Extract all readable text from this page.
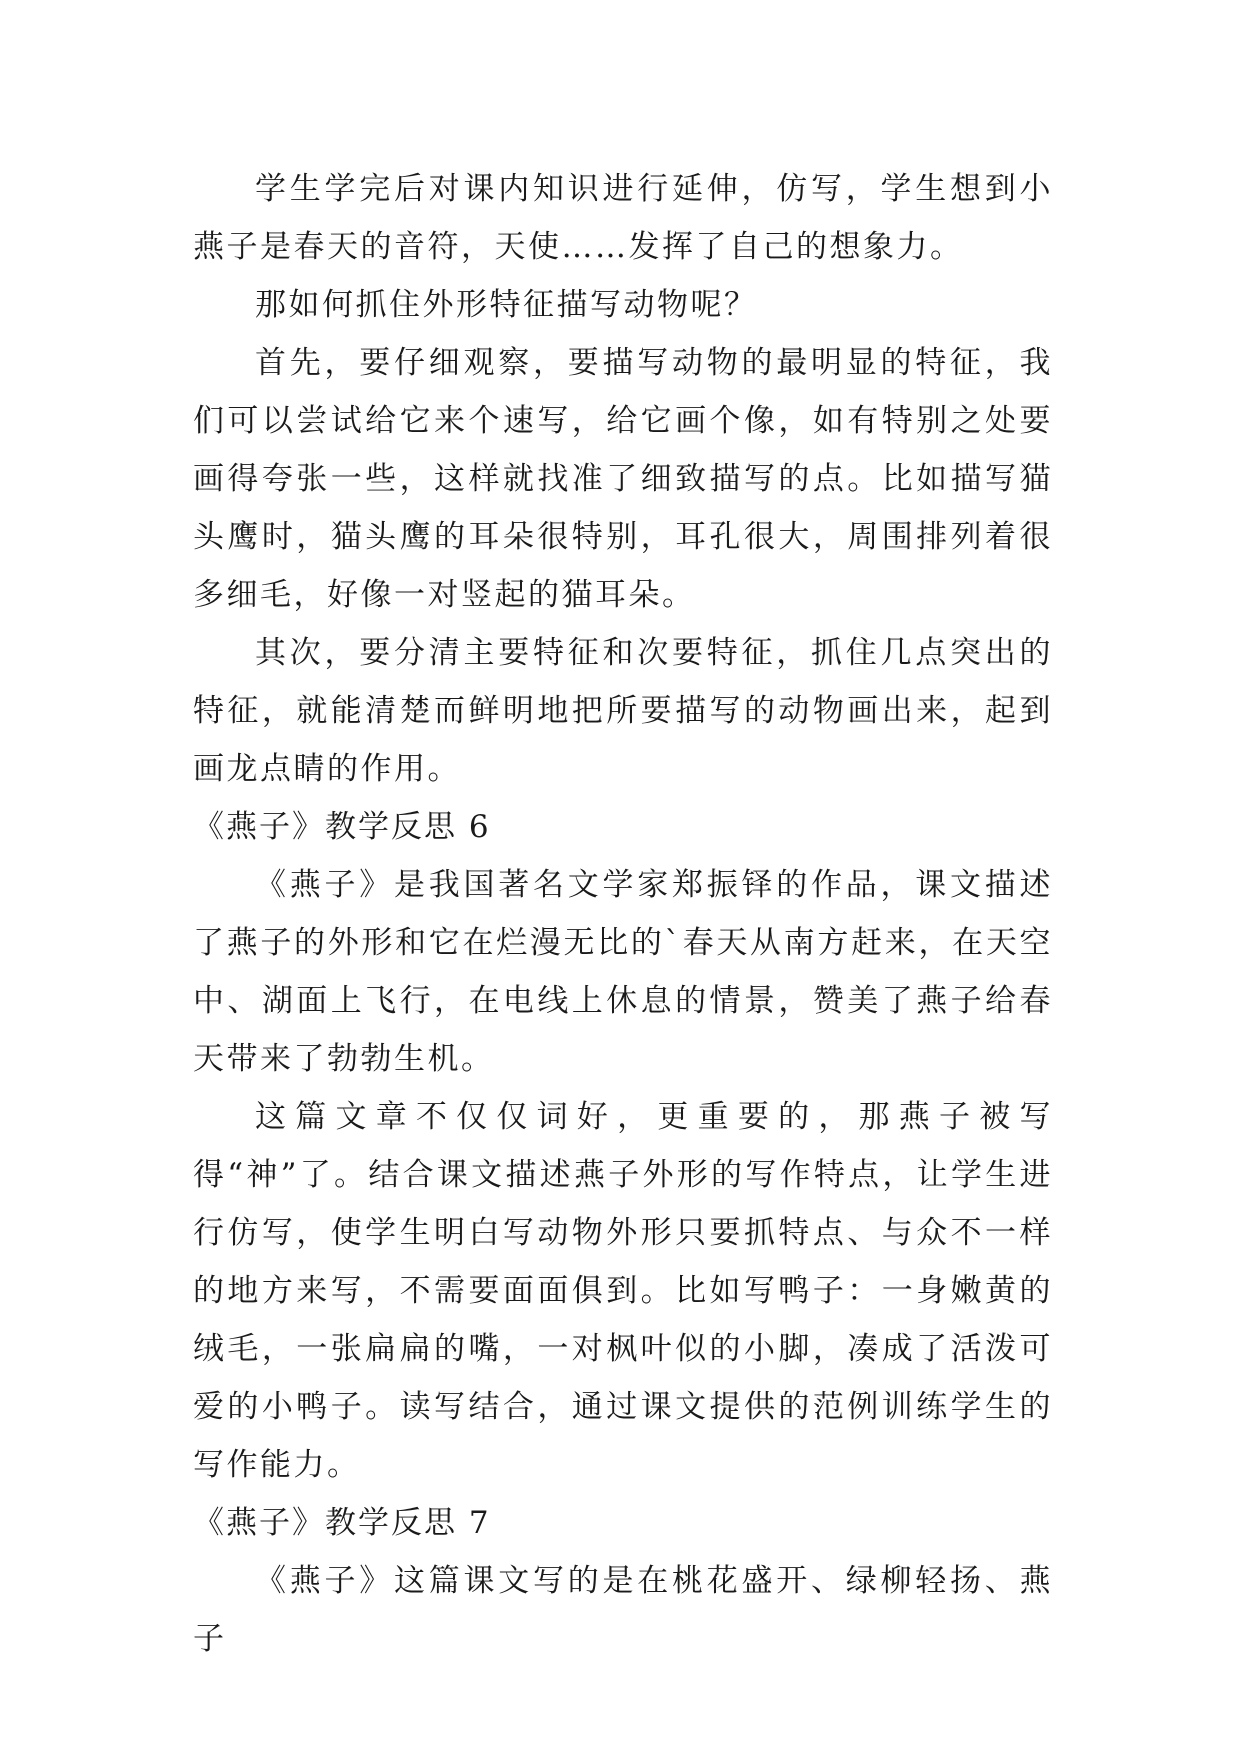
学生学完后对课内知识进行延伸，仿写，学生想到小燕子是春天的音符，天使……发挥了自己的想象力。

那如何抓住外形特征描写动物呢？

首先，要仔细观察，要描写动物的最明显的特征，我们可以尝试给它来个速写，给它画个像，如有特别之处要画得夸张一些，这样就找准了细致描写的点。比如描写猫头鹰时，猫头鹰的耳朵很特别，耳孔很大，周围排列着很多细毛，好像一对竖起的猫耳朵。

其次，要分清主要特征和次要特征，抓住几点突出的特征，就能清楚而鲜明地把所要描写的动物画出来，起到画龙点睛的作用。

《燕子》教学反思 6

《燕子》是我国著名文学家郑振铎的作品，课文描述了燕子的外形和它在烂漫无比的`春天从南方赶来，在天空中、湖面上飞行，在电线上休息的情景，赞美了燕子给春天带来了勃勃生机。

这篇文章不仅仅词好，更重要的，那燕子被写得“神”了。结合课文描述燕子外形的写作特点，让学生进行仿写，使学生明白写动物外形只要抓特点、与众不一样的地方来写，不需要面面俱到。比如写鸭子：一身嫩黄的绒毛，一张扁扁的嘴，一对枫叶似的小脚，凑成了活泼可爱的小鸭子。读写结合，通过课文提供的范例训练学生的写作能力。

《燕子》教学反思 7

《燕子》这篇课文写的是在桃花盛开、绿柳轻扬、燕子
